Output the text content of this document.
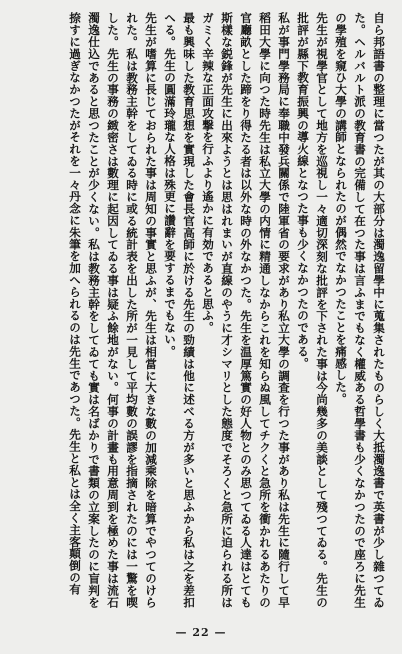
自ら邦語書の整理に當つたが其の大部分は濁逸留學中に蒐集されたものらしく大抵濁逸書で英書が少し雜つてゐた。ヘルバルト派の教育書の完備して在つた事は言ふまでもなく權威ある哲學書も少くなかつたので座ろに先生の學殖を窺ひ大學の講師となられたのが偶然でなかつたことを痛感した。

先生が視學官として地方を巡視し一々適切深刻な批評を下された事は今尚幾多の美談として殘つてゐる。先生の批評が縣下教育振興の導火線となつた事も少くなかつたのである。

私が事門學務局に奉職中發兵關係で陸軍省の要求があり私立大學の調査を行つた事があり私は先生に隨行して早稻田大學に向つた時先生は私立大學の内情に精通しなからこれを知らぬ風してチクくと急所を衝かれるあたりの官廳畝とした蹄をり得たる者は以外な時の外なかつた。先生を温厚篤實の好人物とのみ思つてゐる人達はとても斯樣な鋭鋒が先生に出來ようとは思はれまいが直線のやうに才シマリとした態度でそろくと急所に迫られる所はガミく辛辣な正面攻撃を行ふより遙かに有効であると思ふ。

最も興味した教育思想を實現した會長官高師に於ける先生の勁績は他に述べる方が多いと思ふから私は之を差扣へる。先生の圓滿玲瓏な人格は殊更に讚辭を要するまでもない。

先生が嗜算に長じておられた事は周知の事實と思ふが、先生は相當に大きな數の加減乘除を暗算でやつてのけられた。私は教務主幹をしてゐる時に或る統計表を出した所が一見して平均數の誤謬を指摘されたのには一驚を喫した。先生の事務の緻密さは數理に起因してゐる事は疑ふ餘地がない。何事の計畫も用意周到を極めた事は流石濁逸仕込であると思つたことが少くない。私は教務主幹をしてゐても實は名ばかりで書類の立案したのに盲判を捺すに過ぎなかつたがそれを一々丹念に朱筆を加へられるのは先生であつた。先生と私とは全く主客顛倒の有

— 22 —
